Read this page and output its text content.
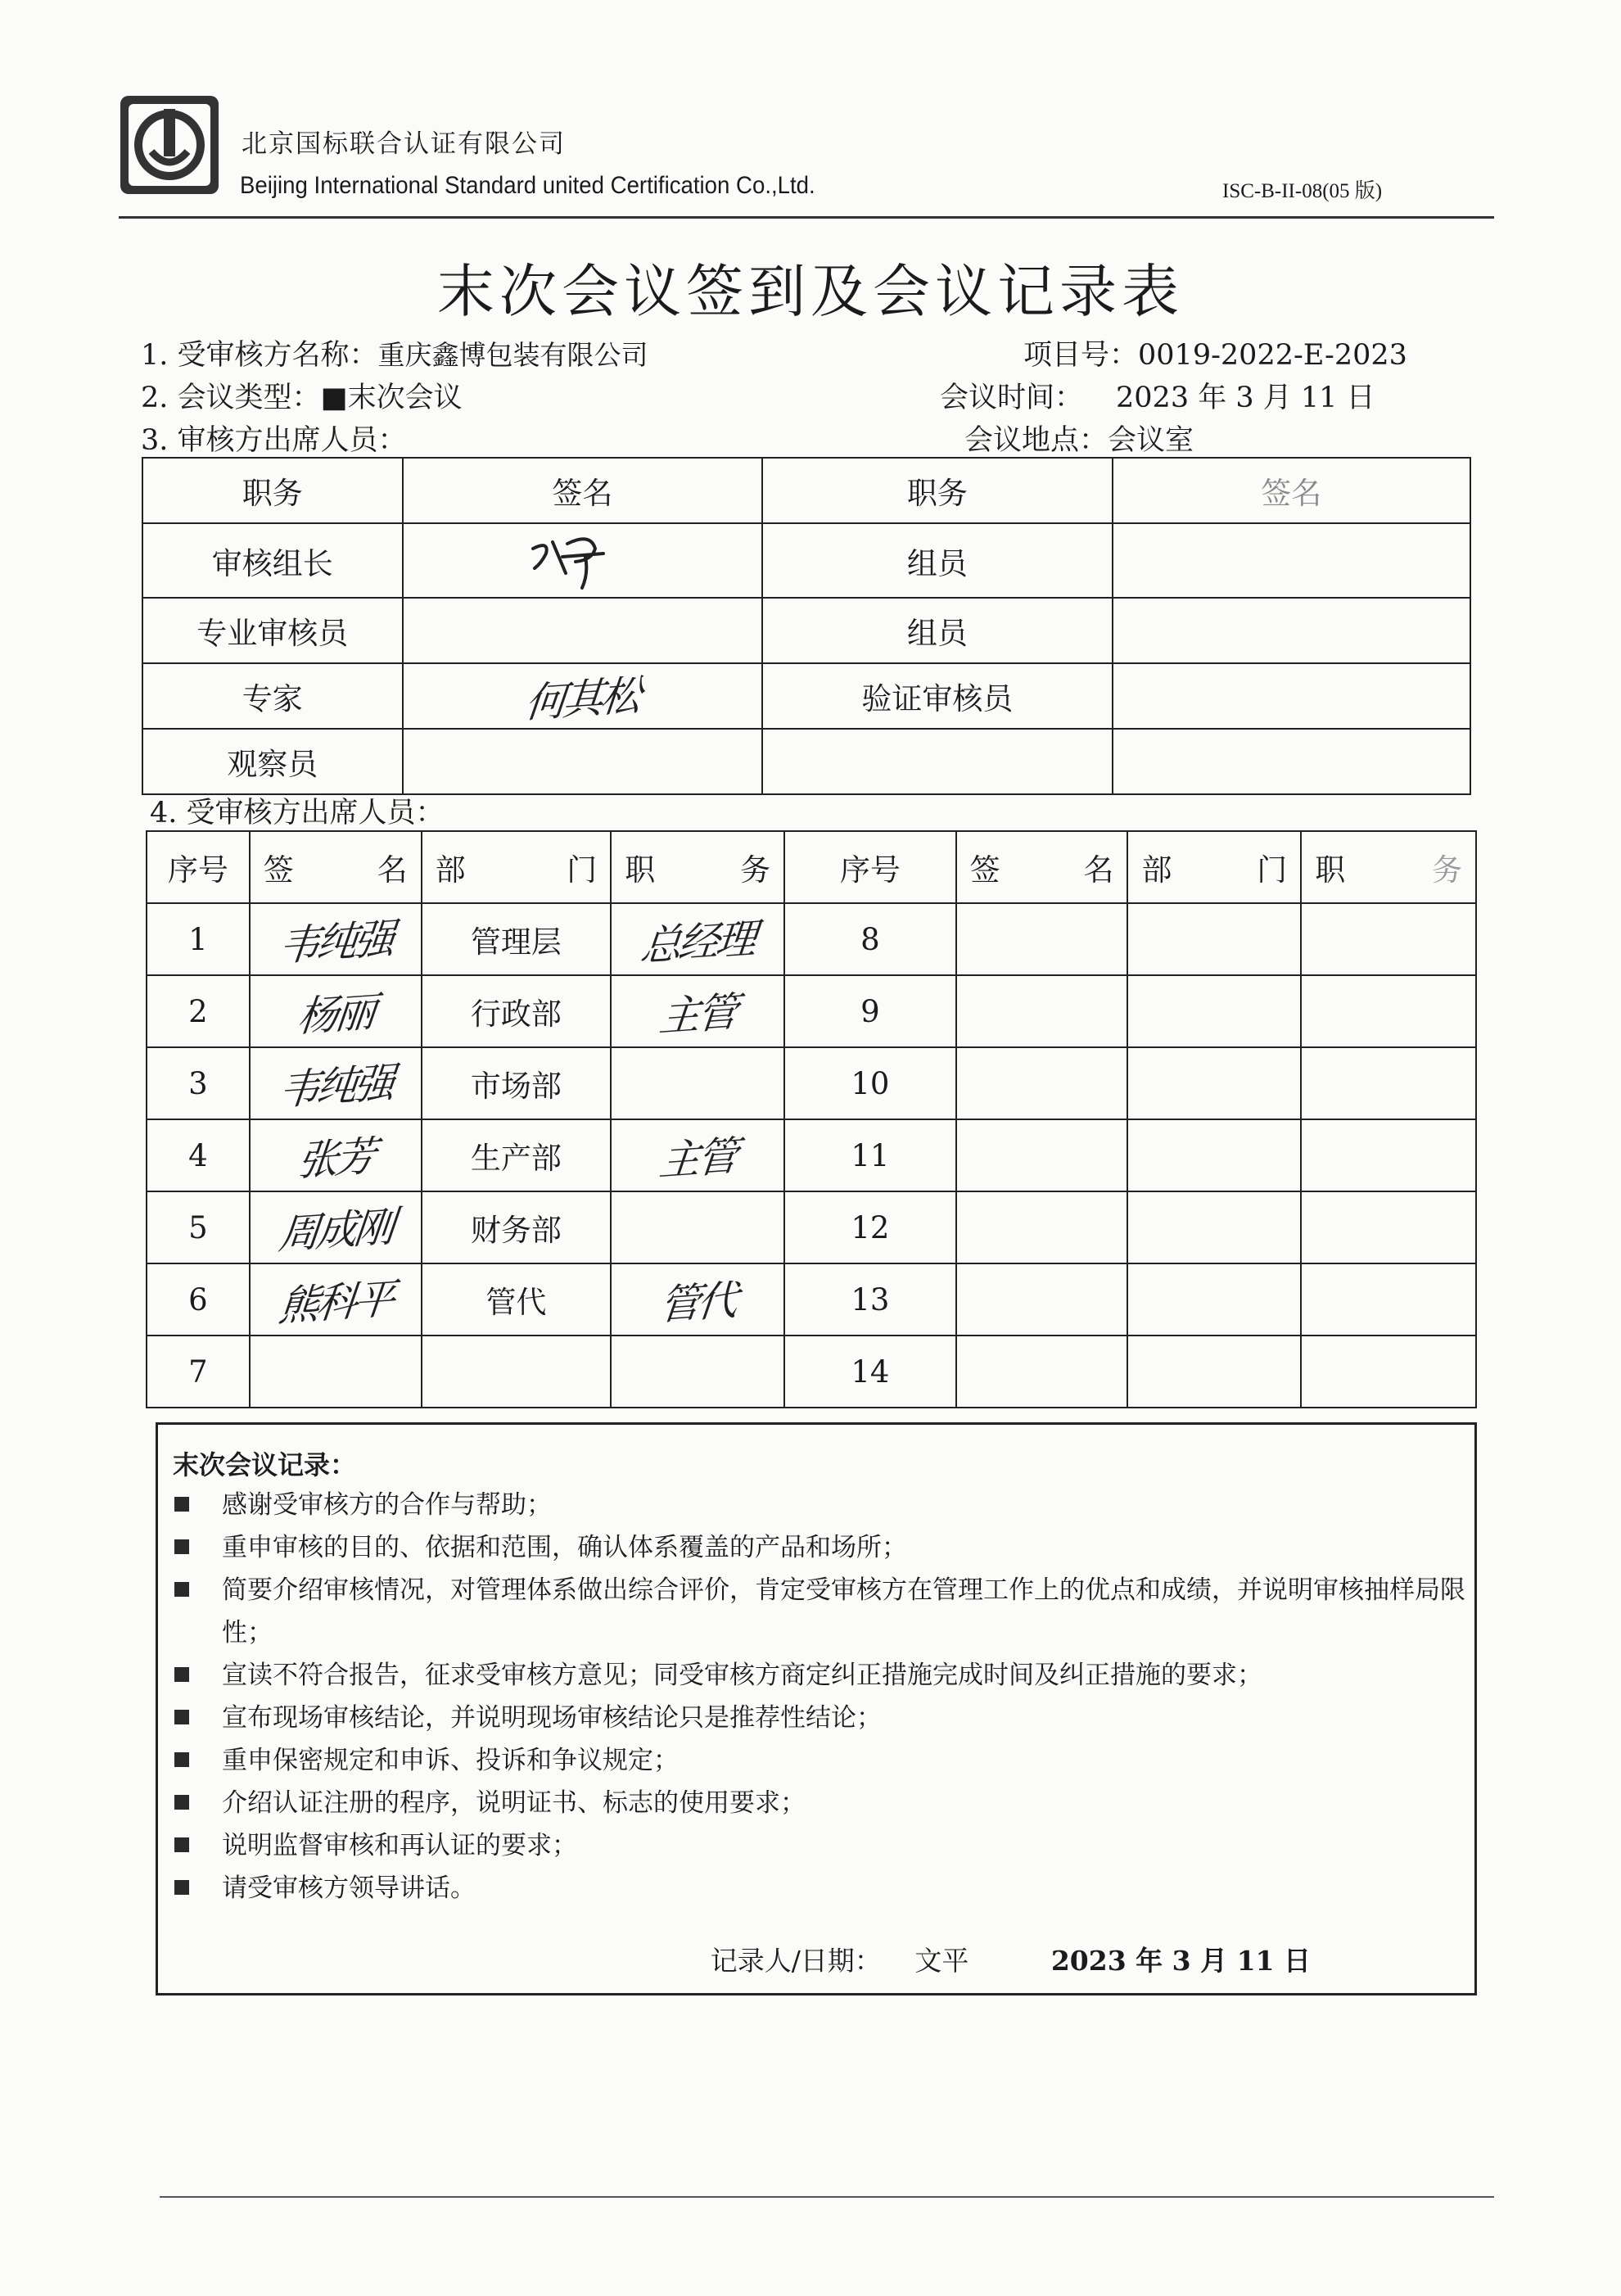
北京国标联合认证有限公司
Beijing International Standard united Certification Co.,Ltd.	ISC-B-II-08(05 版)
末次会议签到及会议记录表
1. 受审核方名称：重庆鑫博包装有限公司	项目号：0019-2022-E-2023
2. 会议类型：■末次会议	会议时间： 2023 年 3 月 11 日
3. 审核方出席人员：	会议地点：会议室
职务	签名	职务	签名
审核组长		组员	
专业审核员		组员	
专家	何其松	验证审核员	
观察员			
4. 受审核方出席人员：
序号	签 名	部 门	职 务	序号	签 名	部 门	职 务

1	韦纯强	管理层	总经理	8			
2	杨丽	行政部	主管	9			
3	韦纯强	市场部		10			
4	张芳	生产部	主管	11			
5	周成刚	财务部		12			
6	熊科平	管代	管代	13			
7				14			
末次会议记录：
感谢受审核方的合作与帮助；
重申审核的目的、依据和范围，确认体系覆盖的产品和场所；
简要介绍审核情况，对管理体系做出综合评价，肯定受审核方在管理工作上的优点和成绩，并说明审核抽样局限性；
宣读不符合报告，征求受审核方意见；同受审核方商定纠正措施完成时间及纠正措施的要求；
宣布现场审核结论，并说明现场审核结论只是推荐性结论；
重申保密规定和申诉、投诉和争议规定；
介绍认证注册的程序，说明证书、标志的使用要求；
说明监督审核和再认证的要求；
请受审核方领导讲话。
记录人/日期： 文平	2023 年 3 月 11 日
